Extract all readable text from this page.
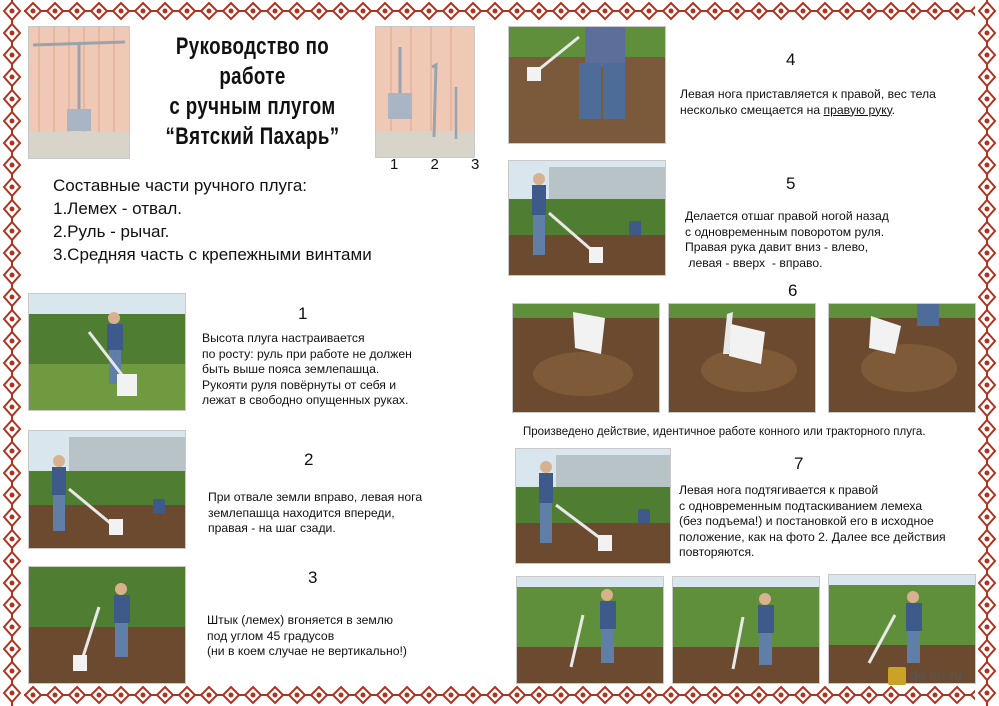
Руководство по работе
с ручным плугом
“Вятский Пахарь”
1 2 3
Составные части ручного плуга:
1.Лемех - отвал.
2.Руль - рычаг.
3.Средняя часть с крепежными винтами
1
Высота плуга настраивается
по росту: руль при работе не должен
быть выше пояса землепашца.
Рукояти руля повёрнуты от себя и
лежат в свободно опущенных руках.
2
При отвале земли вправо, левая нога
землепашца находится впереди,
правая - на шаг сзади.
3
Штык (лемех) вгоняется в землю
под углом 45 градусов
(ни в коем случае не вертикально!)
4
Левая нога приставляется к правой, вес тела
несколько смещается на правую руку.
5
Делается отшаг правой ногой назад
с одновременным поворотом руля.
Правая рука давит вниз - влево,
левая - вверх  - вправо.
6
Произведено действие, идентичное работе конного или тракторного плуга.
7
Левая нога подтягивается к правой
с одновременным подтаскиванием лемеха
(без подъема!) и постановкой его в исходное
положение, как на фото 2. Далее все действия
повторяются.
do.nn.ru
